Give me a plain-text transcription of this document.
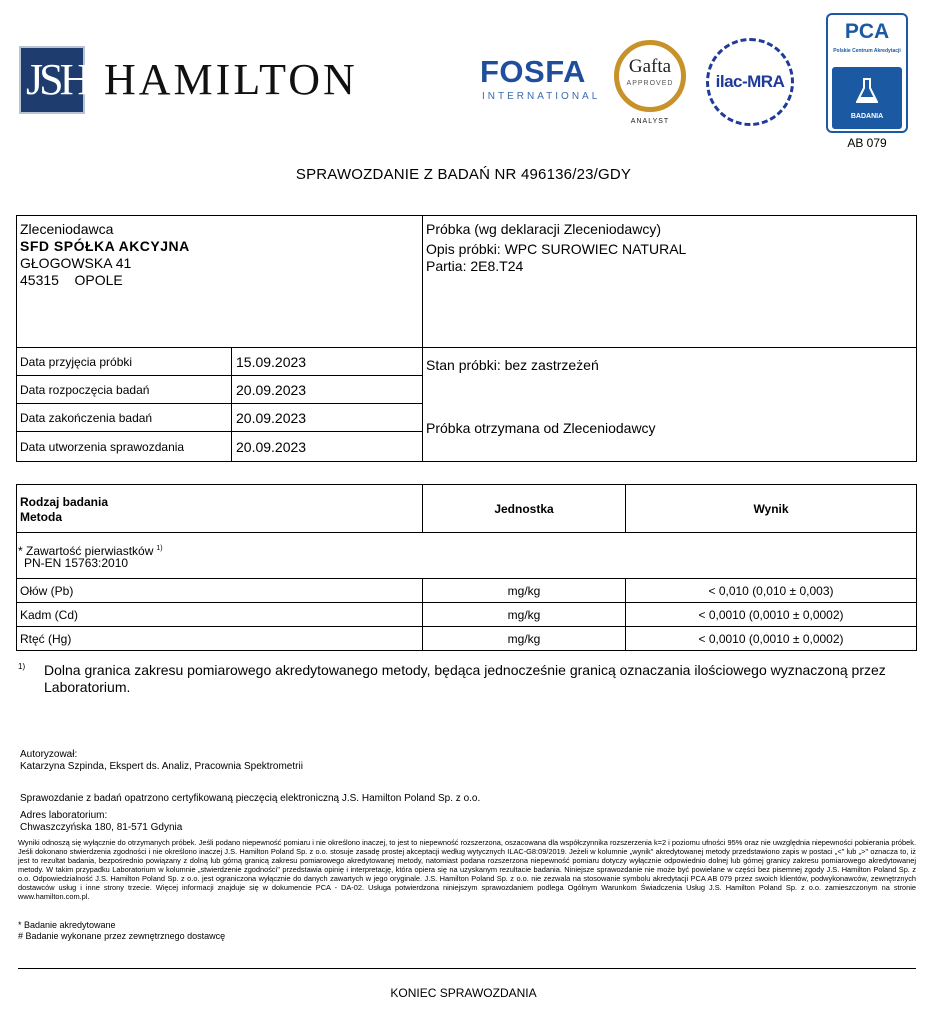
JSH HAMILTON	FOSFA
INTERNATIONAL
Gafta
APPROVED
ANALYST
ilac-MRA
PCA
Polskie Centrum Akredytacji
BADANIA
AB 079
SPRAWOZDANIE Z BADAŃ NR 496136/23/GDY
Zleceniodawca
SFD SPÓŁKA AKCYJNA
GŁOGOWSKA 41
45315    OPOLE
Próbka (wg deklaracji Zleceniodawcy)
Opis próbki: WPC SUROWIEC NATURAL
Partia: 2E8.T24
Stan próbki: bez zastrzeżeń
Próbka otrzymana od Zleceniodawcy
Data przyjęcia próbki	15.09.2023
Data rozpoczęcia badań	20.09.2023
Data zakończenia badań	20.09.2023
Data utworzenia sprawozdania	20.09.2023
Rodzaj badania
Metoda
Jednostka	Wynik
* Zawartość pierwiastków $^{1)}$
PN-EN 15763:2010
Ołów (Pb)	mg/kg	< 0,010 (0,010 ± 0,003)
Kadm (Cd)	mg/kg	< 0,0010 (0,0010 ± 0,0002)
Rtęć (Hg)	mg/kg	< 0,0010 (0,0010 ± 0,0002)
1) Dolna granica zakresu pomiarowego akredytowanego metody, będąca jednocześnie granicą oznaczania ilościowego wyznaczoną przez Laboratorium.
Autoryzował:
Katarzyna Szpinda, Ekspert ds. Analiz, Pracownia Spektrometrii
Sprawozdanie z badań opatrzono certyfikowaną pieczęcią elektroniczną J.S. Hamilton Poland Sp. z o.o.
Adres laboratorium:
Chwaszczyńska 180, 81-571 Gdynia
Wyniki odnoszą się wyłącznie do otrzymanych próbek. Jeśli podano niepewność pomiaru i nie określono inaczej, to jest to niepewność rozszerzona, oszacowana dla współczynnika rozszerzenia k=2 i poziomu ufności 95% oraz nie uwzględnia niepewności pobierania próbek. Jeśli dokonano stwierdzenia zgodności i nie określono inaczej J.S. Hamilton Poland Sp. z o.o. stosuje zasadę prostej akceptacji według wytycznych ILAC-G8:09/2019. Jeżeli w kolumnie „wynik" akredytowanej metody przedstawiono zapis w postaci „<" lub „>" oznacza to, iż jest to rezultat badania, bezpośrednio powiązany z dolną lub górną granicą zakresu pomiarowego akredytowanej metody, natomiast podana rozszerzona niepewność pomiaru dotyczy wyłącznie odpowiednio dolnej lub górnej granicy zakresu pomiarowego akredytowanej metody. W takim przypadku Laboratorium w kolumnie „stwierdzenie zgodności" przedstawia opinię i interpretację, która opiera się na uzyskanym rezultacie badania. Niniejsze sprawozdanie nie może być powielane w części bez pisemnej zgody J.S. Hamilton Poland Sp. z o.o. Odpowiedzialność J.S. Hamilton Poland Sp. z o.o. jest ograniczona wyłącznie do danych zawartych w jego oryginale. J.S. Hamilton Poland Sp. z o.o. nie zezwala na stosowanie symbolu akredytacji PCA AB 079 przez swoich klientów, podwykonawców, zewnętrznych dostawców usług i inne strony trzecie. Więcej informacji znajduje się w dokumencie PCA - DA-02. Usługa potwierdzona niniejszym sprawozdaniem podlega Ogólnym Warunkom Świadczenia Usług J.S. Hamilton Poland Sp. z o.o. zamieszczonym na stronie www.hamilton.com.pl.
* Badanie akredytowane
# Badanie wykonane przez zewnętrznego dostawcę
KONIEC SPRAWOZDANIA
